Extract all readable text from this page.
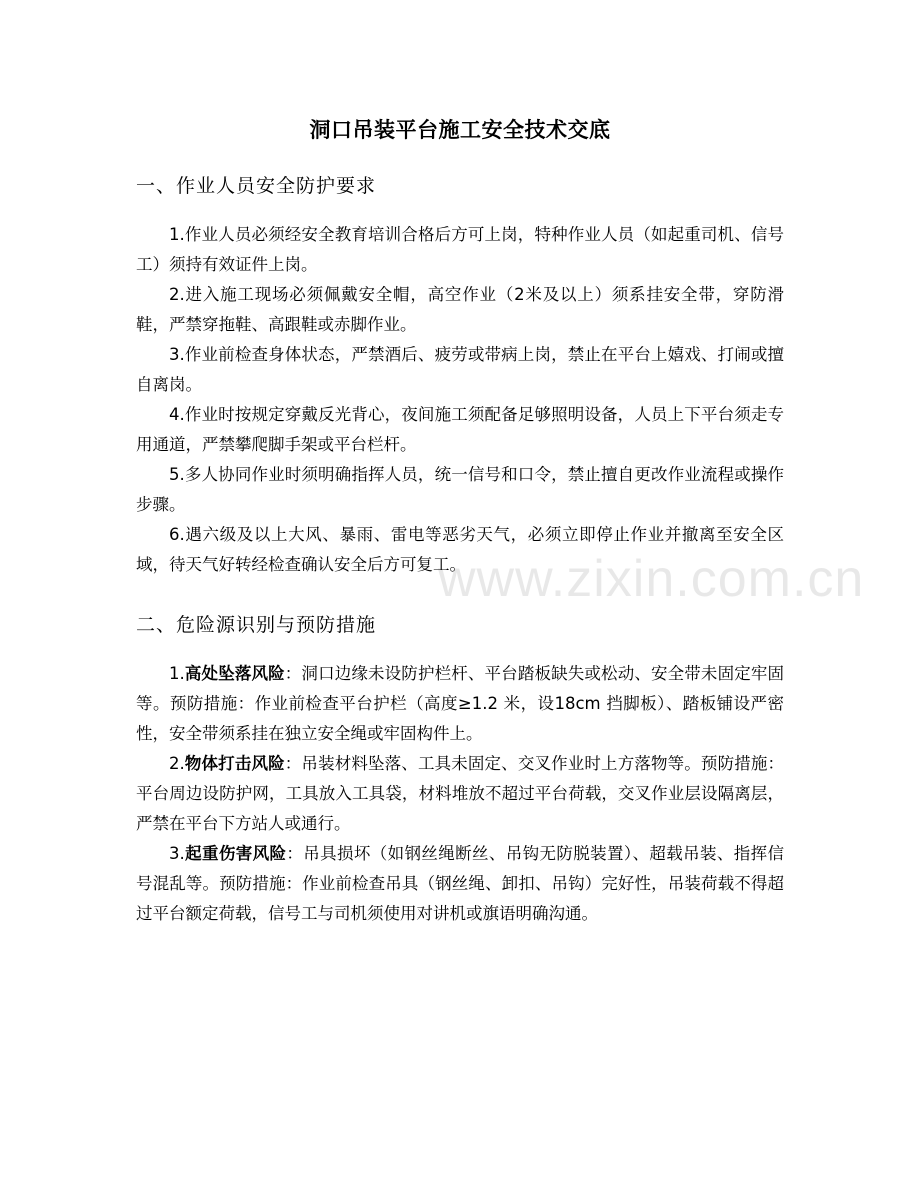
洞口吊装平台施工安全技术交底
一、作业人员安全防护要求

1.作业人员必须经安全教育培训合格后方可上岗，特种作业人员（如起重司机、信号工）须持有效证件上岗。

2.进入施工现场必须佩戴安全帽，高空作业（2米及以上）须系挂安全带，穿防滑鞋，严禁穿拖鞋、高跟鞋或赤脚作业。

3.作业前检查身体状态，严禁酒后、疲劳或带病上岗，禁止在平台上嬉戏、打闹或擅自离岗。

4.作业时按规定穿戴反光背心，夜间施工须配备足够照明设备，人员上下平台须走专用通道，严禁攀爬脚手架或平台栏杆。

5.多人协同作业时须明确指挥人员，统一信号和口令，禁止擅自更改作业流程或操作步骤。

6.遇六级及以上大风、暴雨、雷电等恶劣天气，必须立即停止作业并撤离至安全区域，待天气好转经检查确认安全后方可复工。

二、危险源识别与预防措施

1.高处坠落风险：洞口边缘未设防护栏杆、平台踏板缺失或松动、安全带未固定牢固等。预防措施：作业前检查平台护栏（高度≥1.2 米，设18cm 挡脚板）、踏板铺设严密性，安全带须系挂在独立安全绳或牢固构件上。

2.物体打击风险：吊装材料坠落、工具未固定、交叉作业时上方落物等。预防措施：平台周边设防护网，工具放入工具袋，材料堆放不超过平台荷载，交叉作业层设隔离层，严禁在平台下方站人或通行。

3.起重伤害风险：吊具损坏（如钢丝绳断丝、吊钩无防脱装置）、超载吊装、指挥信号混乱等。预防措施：作业前检查吊具（钢丝绳、卸扣、吊钩）完好性，吊装荷载不得超过平台额定荷载，信号工与司机须使用对讲机或旗语明确沟通。

www.zixin.com.cn
